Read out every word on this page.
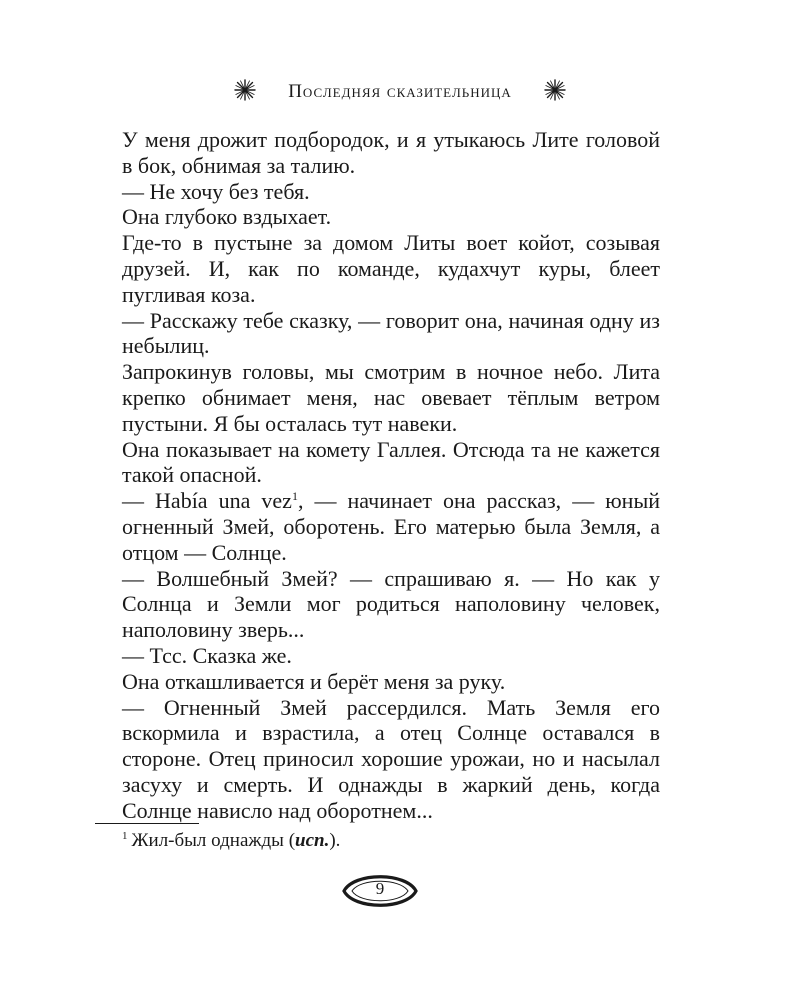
Последняя сказительница

У меня дрожит подбородок, и я утыкаюсь Лите головой в бок, обнимая за талию.

— Не хочу без тебя.

Она глубоко вздыхает.

Где-то в пустыне за домом Литы воет койот, созывая друзей. И, как по команде, кудахчут куры, блеет пугливая коза.

— Расскажу тебе сказку, — говорит она, начиная одну из небылиц.

Запрокинув головы, мы смотрим в ночное небо. Лита крепко обнимает меня, нас овевает тёплым ветром пустыни. Я бы осталась тут навеки.

Она показывает на комету Галлея. Отсюда та не кажется такой опасной.

— Había una vez$^1$, — начинает она рассказ, — юный огненный Змей, оборотень. Его матерью была Земля, а отцом — Солнце.

— Волшебный Змей? — спрашиваю я. — Но как у Солнца и Земли мог родиться наполовину человек, наполовину зверь...

— Тсс. Сказка же.

Она откашливается и берёт меня за руку.

— Огненный Змей рассердился. Мать Земля его вскормила и взрастила, а отец Солнце оставался в стороне. Отец приносил хорошие урожаи, но и насылал засуху и смерть. И однажды в жаркий день, когда Солнце нависло над оборотнем...

$^1$ Жил-был однажды (исп.).
9
